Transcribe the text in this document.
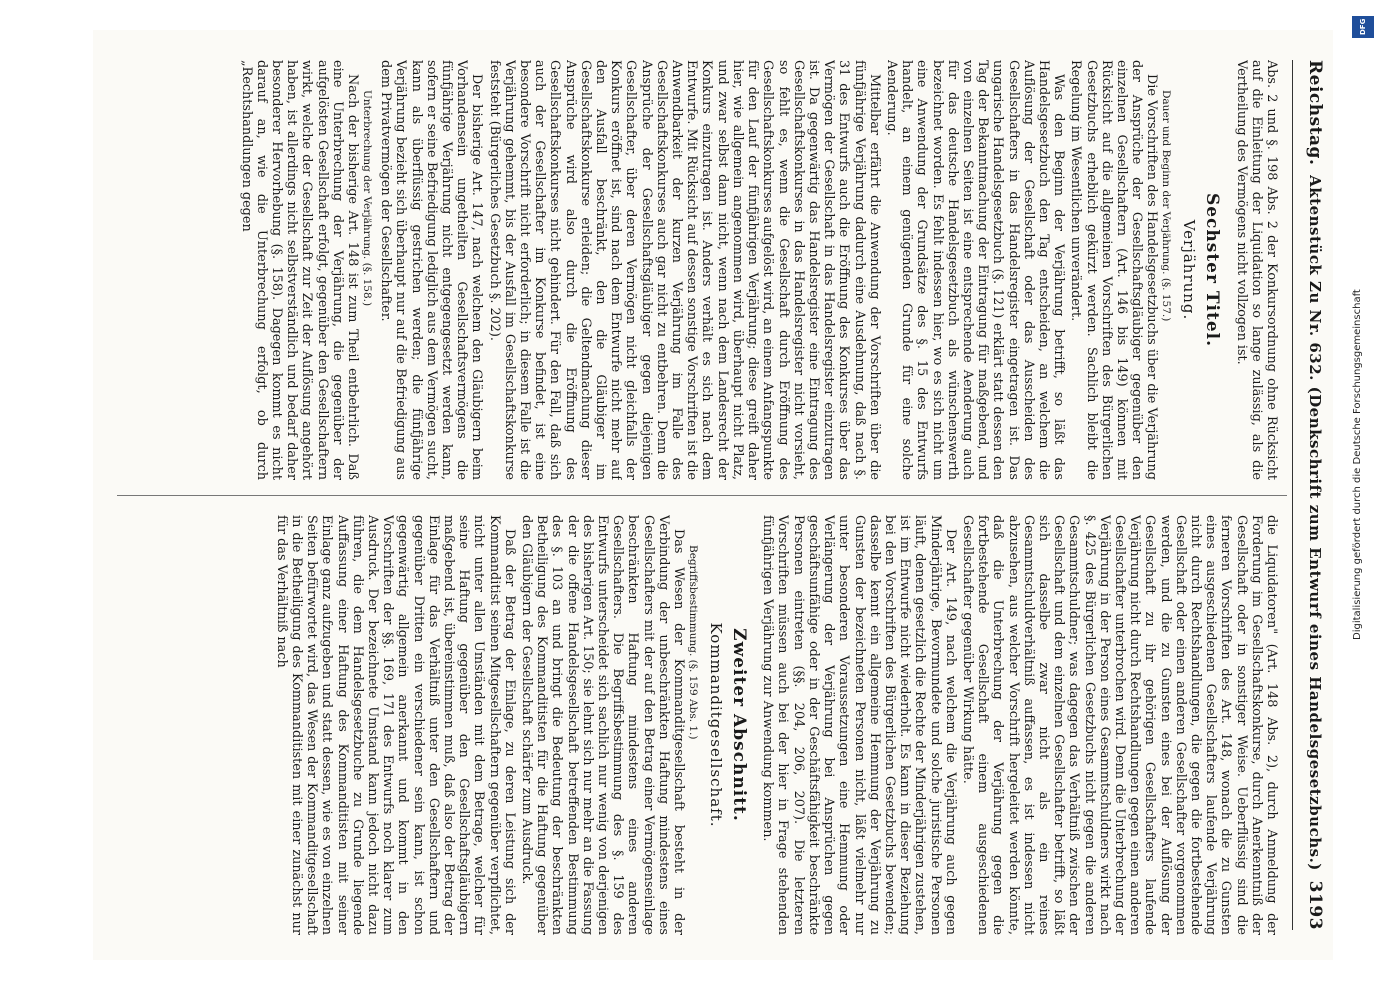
Reichstag.
Aktenstück Zu Nr. 632. (Denkschrift zum Entwurf eines Handelsgesetzbuchs.)
3193

Abs. 2 und §. 198 Abs. 2 der Konkursordnung ohne Rücksicht auf die Einleitung der Liquidation so lange zulässig, als die Vertheilung des Vermögens nicht vollzogen ist.

Sechster Titel.

Verjährung.

Dauer und Beginn der Verjährung. (§. 157.)

Die Vorschriften des Handelsgesetzbuchs über die Verjährung der Ansprüche der Gesellschaftsgläubiger gegenüber den einzelnen Gesellschaftern (Art. 146 bis 149) können mit Rücksicht auf die allgemeinen Vorschriften des Bürgerlichen Gesetzbuchs erheblich gekürzt werden. Sachlich bleibt die Regelung im Wesentlichen unverändert.

Was den Beginn der Verjährung betrifft, so läßt das Handelsgesetzbuch den Tag entscheiden, an welchem die Auflösung der Gesellschaft oder das Ausscheiden des Gesellschafters in das Handelsregister eingetragen ist. Das ungarische Handelsgesetzbuch (§. 121) erklärt statt dessen den Tag der Bekanntmachung der Eintragung für maßgebend, und von einzelnen Seiten ist eine entsprechende Aenderung auch für das deutsche Handelsgesetzbuch als wünschenswerth bezeichnet worden. Es fehlt indessen hier, wo es sich nicht um eine Anwendung der Grundsätze des §. 15 des Entwurfs handelt, an einem genügenden Grunde für eine solche Aenderung.

Mittelbar erfährt die Anwendung der Vorschriften über die fünfjährige Verjährung dadurch eine Ausdehnung, daß nach §. 31 des Entwurfs auch die Eröffnung des Konkurses über das Vermögen der Gesellschaft in das Handelsregister einzutragen ist. Da gegenwärtig das Handelsregister eine Eintragung des Gesellschaftskonkurses in das Handelsregister nicht vorsieht, so fehlt es, wenn die Gesellschaft durch Eröffnung des Gesellschaftskonkurses aufgelöst wird, an einem Anfangspunkte für den Lauf der fünfjährigen Verjährung; diese greift daher hier, wie allgemein angenommen wird, überhaupt nicht Platz, und zwar selbst dann nicht, wenn nach dem Landesrecht der Konkurs einzutragen ist. Anders verhält es sich nach dem Entwurfe. Mit Rücksicht auf dessen sonstige Vorschriften ist die Anwendbarkeit der kurzen Verjährung im Falle des Gesellschaftskonkurses auch gar nicht zu entbehren. Denn die Ansprüche der Gesellschaftsgläubiger gegen diejenigen Gesellschafter, über deren Vermögen nicht gleichfalls der Konkurs eröffnet ist, sind nach dem Entwurfe nicht mehr auf den Ausfall beschränkt, den die Gläubiger im Gesellschaftskonkurse erleiden; die Geltendmachung dieser Ansprüche wird also durch die Eröffnung des Gesellschaftskonkurses nicht gehindert. Für den Fall, daß sich auch der Gesellschafter im Konkurse befindet, ist eine besondere Vorschrift nicht erforderlich; in diesem Falle ist die Verjährung gehemmt, bis der Ausfall im Gesellschaftskonkurse feststeht (Bürgerliches Gesetzbuch §. 202).

Der bisherige Art. 147, nach welchem den Gläubigern beim Vorhandensein ungetheilten Gesellschaftsvermögens die fünfjährige Verjährung nicht entgegengesetzt werden kann, sofern er seine Befriedigung lediglich aus dem Vermögen sucht, kann als überflüssig gestrichen werden; die fünfjährige Verjährung bezieht sich überhaupt nur auf die Befriedigung aus dem Privatvermögen der Gesellschafter.

Unterbrechung der Verjährung. (§. 158.)

Nach der bisherige Art. 148 ist zum Theil entbehrlich. Daß eine Unterbrechung der Verjährung, die gegenüber der aufgelösten Gesellschaft erfolgt, gegenüber den Gesellschaftern wirkt, welche der Gesellschaft zur Zeit der Auflösung angehört haben, ist allerdings nicht selbstverständlich und bedarf daher besonderer Hervorhebung (§. 158). Dagegen kommt es nicht darauf an, wie die Unterbrechung erfolgt, ob durch „Rechtshandlungen gegen

die Liquidatoren" (Art. 148 Abs. 2), durch Anmeldung der Forderung im Gesellschaftskonkurse, durch Anerkenntniß der Gesellschaft oder in sonstiger Weise. Ueberflüssig sind die ferneren Vorschriften des Art. 148, wonach die zu Gunsten eines ausgeschiedenen Gesellschafters laufende Verjährung nicht durch Rechtshandlungen, die gegen die fortbestehende Gesellschaft oder einen anderen Gesellschafter vorgenommen werden, und die zu Gunsten eines bei der Auflösung der Gesellschaft zu ihr gehörigen Gesellschafters laufende Verjährung nicht durch Rechtshandlungen gegen einen anderen Gesellschafter unterbrochen wird. Denn die Unterbrechung der Verjährung in der Person eines Gesammtschuldners wirkt nach §. 425 des Bürgerlichen Gesetzbuchs nicht gegen die anderen Gesammtschuldner; was dagegen das Verhältniß zwischen der Gesellschaft und dem einzelnen Gesellschafter betrifft, so läßt sich dasselbe zwar nicht als ein reines Gesammtschuldverhältniß auffassen, es ist indessen nicht abzusehen, aus welcher Vorschrift hergeleitet werden könnte, daß die Unterbrechung der Verjährung gegen die fortbestehende Gesellschaft einem ausgeschiedenen Gesellschafter gegenüber Wirkung hätte.

Der Art. 149, nach welchem die Verjährung auch gegen Minderjährige, Bevormundete und solche juristische Personen läuft, denen gesetzlich die Rechte der Minderjährigen zustehen, ist im Entwurfe nicht wiederholt. Es kann in dieser Beziehung bei den Vorschriften des Bürgerlichen Gesetzbuchs bewenden; dasselbe kennt ein allgemeine Hemmung der Verjährung zu Gunsten der bezeichneten Personen nicht, läßt vielmehr nur unter besonderen Voraussetzungen eine Hemmung oder Verlängerung der Verjährung bei Ansprüchen gegen geschäftsunfähige oder in der Geschäftsfähigkeit beschränkte Personen eintreten (§§. 204, 206, 207). Die letzteren Vorschriften müssen auch bei der hier in Frage stehenden fünfjährigen Verjährung zur Anwendung kommen.

Zweiter Abschnitt.

Kommanditgesellschaft.

Begriffsbestimmung. (§. 159 Abs. 1.)

Das Wesen der Kommanditgesellschaft besteht in der Verbindung der unbeschränkten Haftung mindestens eines Gesellschafters mit der auf den Betrag einer Vermögenseinlage beschränkten Haftung mindestens eines anderen Gesellschafters. Die Begriffsbestimmung des §. 159 des Entwurfs unterscheidet sich sachlich nur wenig von derjenigen des bisherigen Art. 150; sie lehnt sich nur mehr an die Fassung der die offene Handelsgesellschaft betreffenden Bestimmung des §. 103 an und bringt die Bedeutung der beschränkten Betheiligung des Kommanditisten für die Haftung gegenüber den Gläubigern der Gesellschaft schärfer zum Ausdruck.

Daß der Betrag der Einlage, zu deren Leistung sich der Kommanditist seinen Mitgesellschaftern gegenüber verpflichtet, nicht unter allen Umständen mit dem Betrage, welcher für seine Haftung gegenüber den Gesellschaftsgläubigern maßgebend ist, übereinstimmen muß, daß also der Betrag der Einlage für das Verhältniß unter den Gesellschaftern und gegenüber Dritten ein verschiedener sein kann, ist schon gegenwärtig allgemein anerkannt und kommt in den Vorschriften der §§. 169, 171 des Entwurfs noch klarer zum Ausdruck. Der bezeichnete Umstand kann jedoch nicht dazu führen, die dem Handelsgesetzbuche zu Grunde liegende Auffassung einer Haftung des Kommanditisten mit seiner Einlage ganz aufzugeben und statt dessen, wie es von einzelnen Seiten befürwortet wird, das Wesen der Kommanditgesellschaft in die Betheiligung des Kommanditisten mit einer zunächst nur für das Verhältniß nach

DFG
Digitalisierung gefördert durch die Deutsche Forschungsgemeinschaft
